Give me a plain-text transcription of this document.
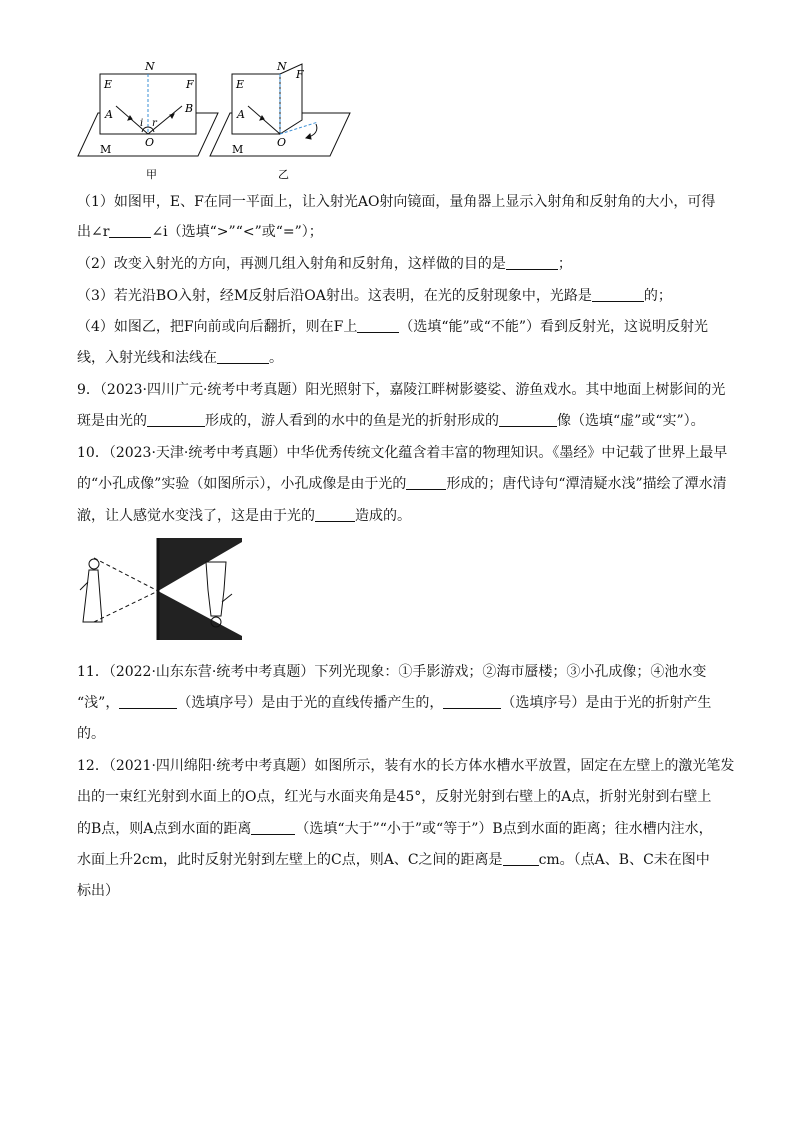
N
E	F
A	B
i r
O
M
甲
N
E
F
A
O
M
乙
（1）如图甲，E、F在同一平面上，让入射光AO射向镜面，量角器上显示入射角和反射角的大小，可得
出∠r	∠i（选填“>”“<”或“=”）；
（2）改变入射光的方向，再测几组入射角和反射角，这样做的目的是	；
（3）若光沿BO入射，经M反射后沿OA射出。这表明，在光的反射现象中，光路是	的；
（4）如图乙，把F向前或向后翻折，则在F上	（选填“能”或“不能”）看到反射光，这说明反射光
线，入射光线和法线在	。
9．（2023·四川广元·统考中考真题）阳光照射下，嘉陵江畔树影婆娑、游鱼戏水。其中地面上树影间的光
斑是由光的	形成的，游人看到的水中的鱼是光的折射形成的	像（选填“虚”或“实”）。
10．（2023·天津·统考中考真题）中华优秀传统文化蕴含着丰富的物理知识。《墨经》中记载了世界上最早
的“小孔成像”实验（如图所示），小孔成像是由于光的	形成的；唐代诗句“潭清疑水浅”描绘了潭水清
澈，让人感觉水变浅了，这是由于光的	造成的。
11．（2022·山东东营·统考中考真题）下列光现象：①手影游戏；②海市蜃楼；③小孔成像；④池水变
“浅”，	（选填序号）是由于光的直线传播产生的，	（选填序号）是由于光的折射产生
的。
12．（2021·四川绵阳·统考中考真题）如图所示，装有水的长方体水槽水平放置，固定在左壁上的激光笔发
出的一束红光射到水面上的O点，红光与水面夹角是45°，反射光射到右壁上的A点，折射光射到右壁上
的B点，则A点到水面的距离	（选填“大于”“小于”或“等于”）B点到水面的距离；往水槽内注水，
水面上升2cm，此时反射光射到左壁上的C点，则A、C之间的距离是	cm。（点A、B、C未在图中
标出）
